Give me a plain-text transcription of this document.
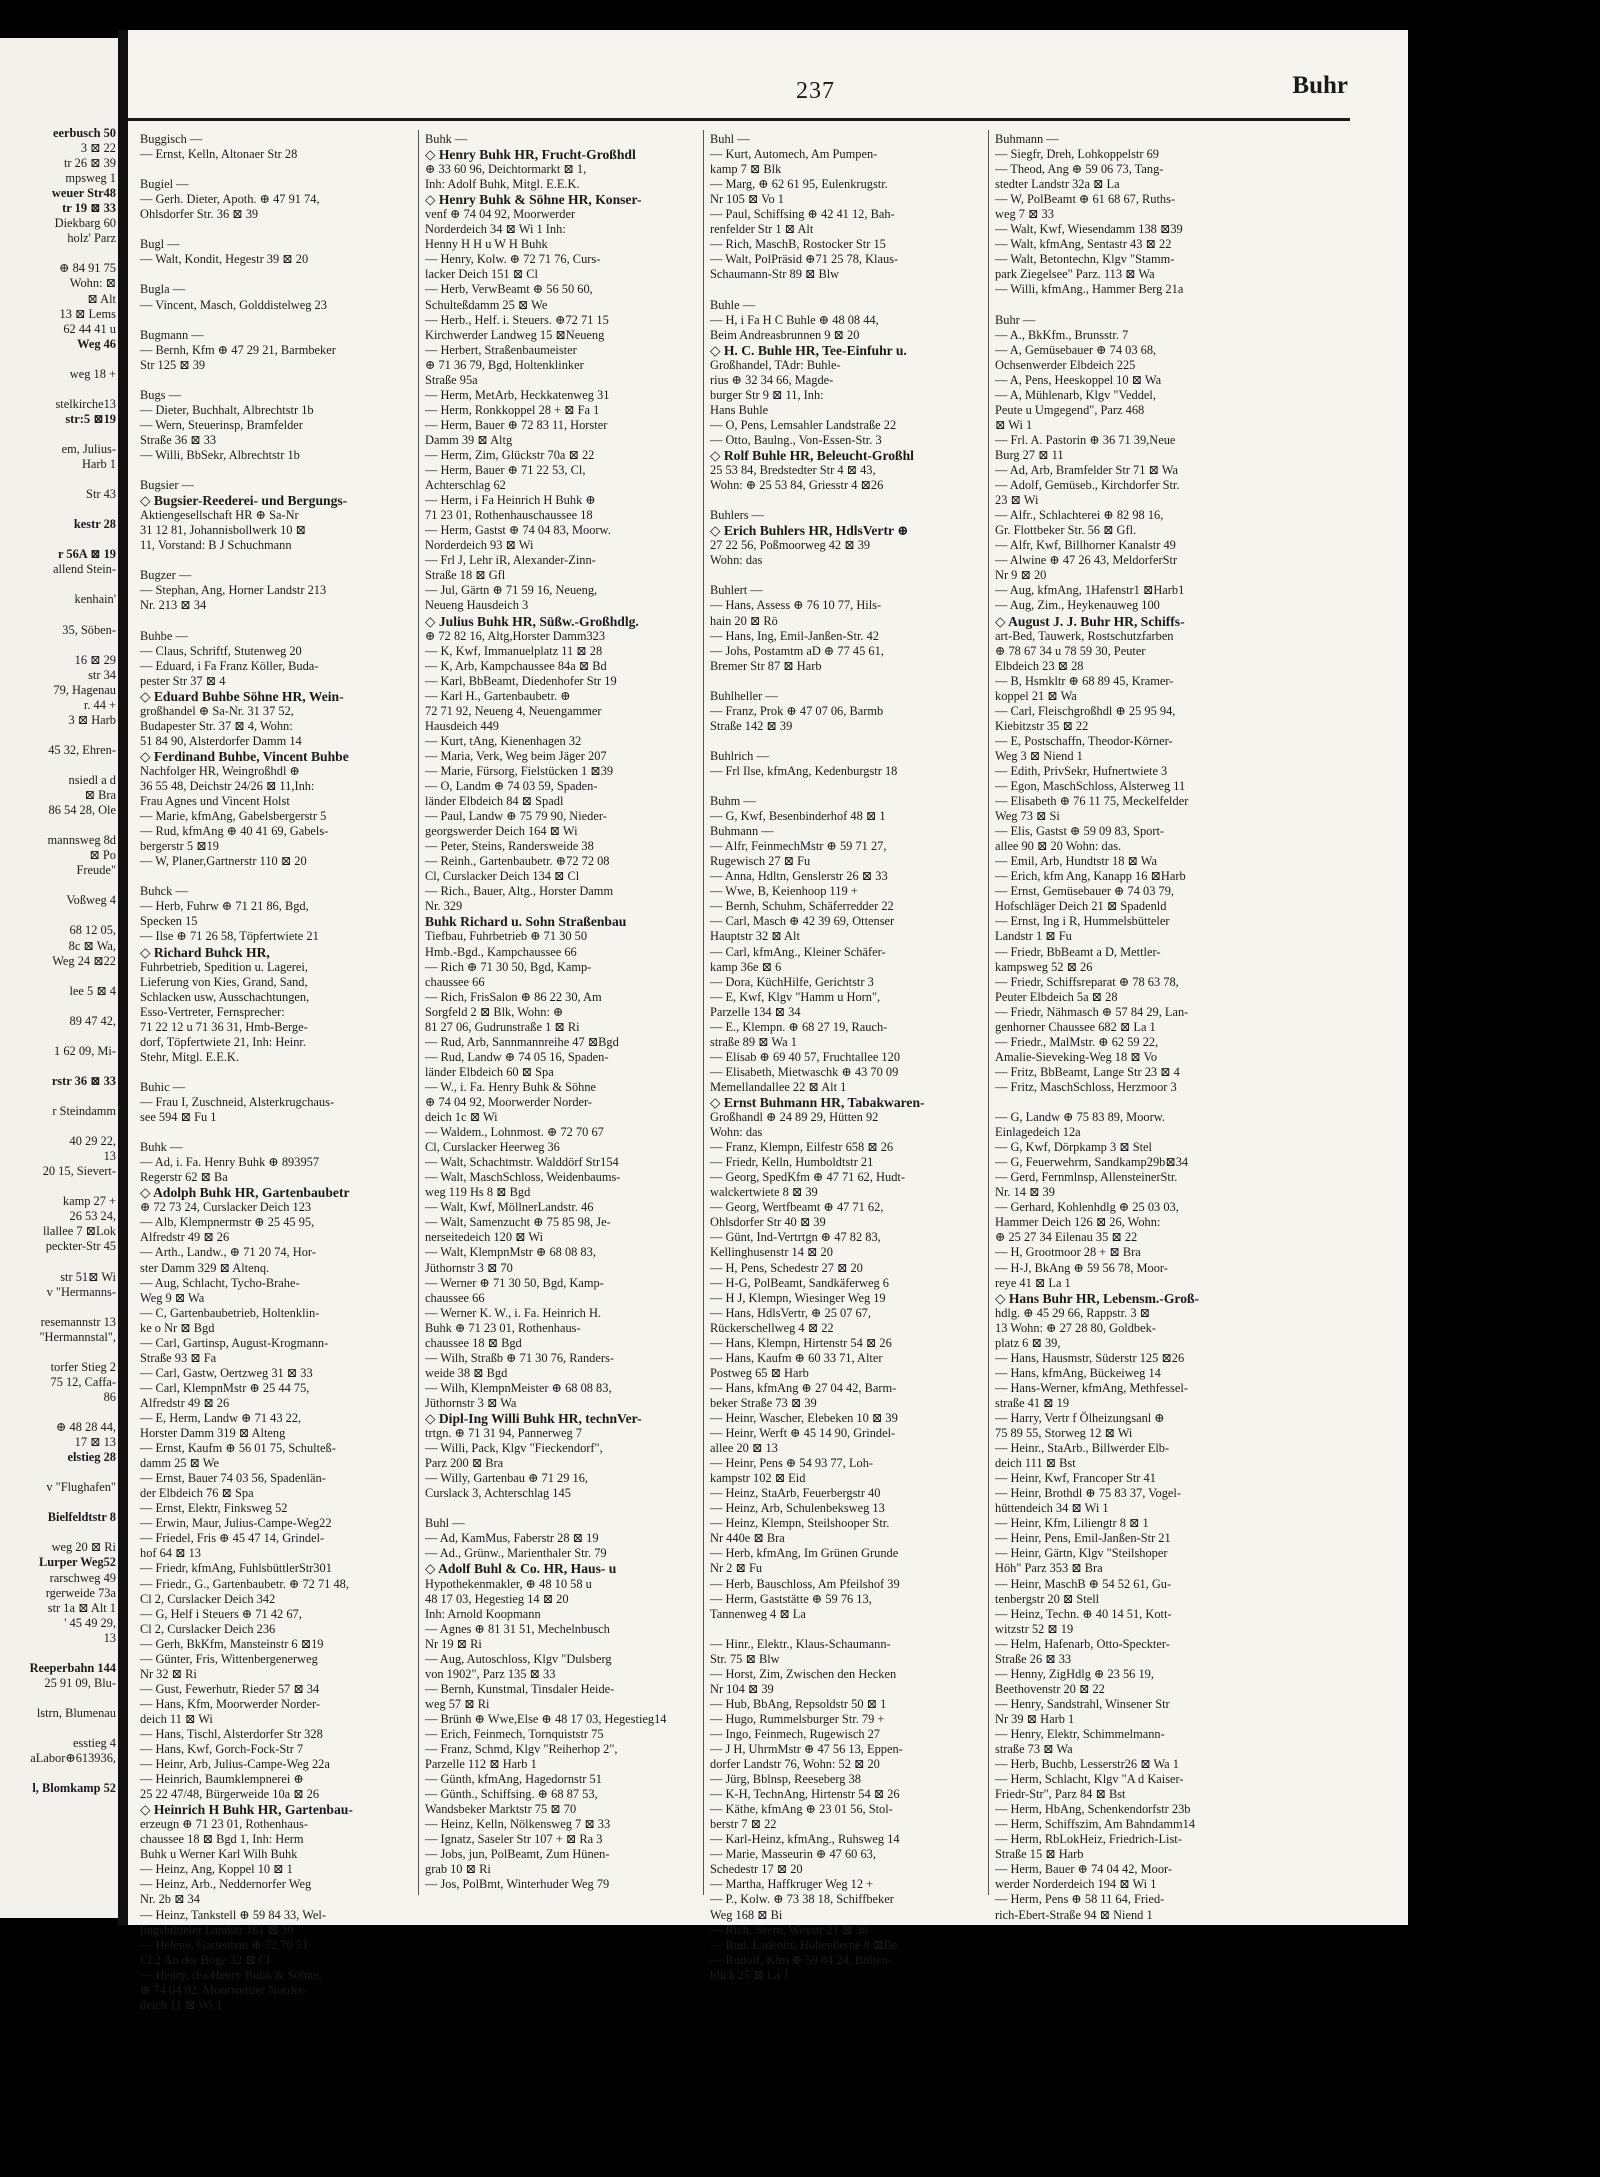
eerbusch 50
3 ⊠ 22
tr 26 ⊠ 39
mpsweg 1
weuer Str48
tr 19 ⊠ 33
Diekbarg 60
holz' Parz

⊕ 84 91 75
Wohn: ⊠
⊠ Alt
13 ⊠ Lems
62 44 41 u
Weg 46

weg 18 +

stelkirche13
str:5 ⊠19

em, Julius-
Harb 1

Str 43

kestr 28

r 56A ⊠ 19
allend Stein-

kenhain'

35, Söben-

16 ⊠ 29
str 34
79, Hagenau
r. 44 +
3 ⊠ Harb

45 32, Ehren-

nsiedl a d
⊠ Bra
86 54 28, Ole

mannsweg 8d
⊠ Po
Freude"

Voßweg 4

68 12 05,
8c ⊠ Wa,
Weg 24 ⊠22

lee 5 ⊠ 4

89 47 42,

1 62 09, Mi-

rstr 36 ⊠ 33

r Steindamm

40 29 22,
13
20 15, Sievert-

kamp 27 +
26 53 24,
llallee 7 ⊠Lok
peckter-Str 45

str 51⊠ Wi
v "Hermanns-

resemannstr 13
"Hermannstal",

torfer Stieg 2
75 12, Caffa-
86

⊕ 48 28 44,
17 ⊠ 13
elstieg 28

v "Flughafen"

Bielfeldtstr 8

weg 20 ⊠ Ri
Lurper Weg52
rarschweg 49
rgerweide 73a
str 1a ⊠ Alt 1
' 45 49 29,
13

Reeperbahn 144
25 91 09, Blu-

lstrn, Blumenau

esstieg 4
aLabor⊕613936,

l, Blomkamp 52
237	Buhr
Buggisch —
— Ernst, Kelln, Altonaer Str 28

Bugiel —
— Gerh. Dieter, Apoth. ⊕ 47 91 74,
Ohlsdorfer Str. 36 ⊠ 39

Bugl —
— Walt, Kondit, Hegestr 39 ⊠ 20

Bugla —
— Vincent, Masch, Golddistelweg 23

Bugmann —
— Bernh, Kfm ⊕ 47 29 21, Barmbeker
Str 125 ⊠ 39

Bugs —
— Dieter, Buchhalt, Albrechtstr 1b
— Wern, Steuerinsp, Bramfelder
Straße 36 ⊠ 33
— Willi, BbSekr, Albrechtstr 1b

Bugsier —
◇ Bugsier-Reederei- und Bergungs-
Aktiengesellschaft HR ⊕ Sa-Nr
31 12 81, Johannisbollwerk 10 ⊠
11, Vorstand: B J Schuchmann

Bugzer —
— Stephan, Ang, Horner Landstr 213
Nr. 213 ⊠ 34

Buhbe —
— Claus, Schriftf, Stutenweg 20
— Eduard, i Fa Franz Köller, Buda-
pester Str 37 ⊠ 4
◇ Eduard Buhbe Söhne HR, Wein-
großhandel ⊕ Sa-Nr. 31 37 52,
Budapester Str. 37 ⊠ 4, Wohn:
51 84 90, Alsterdorfer Damm 14
◇ Ferdinand Buhbe, Vincent Buhbe
Nachfolger HR, Weingroßhdl ⊕
36 55 48, Deichstr 24/26 ⊠ 11,Inh:
Frau Agnes und Vincent Holst
— Marie, kfmAng, Gabelsbergerstr 5
— Rud, kfmAng ⊕ 40 41 69, Gabels-
bergerstr 5 ⊠19
— W, Planer,Gartnerstr 110 ⊠ 20

Buhck —
— Herb, Fuhrw ⊕ 71 21 86, Bgd,
Specken 15
— Ilse ⊕ 71 26 58, Töpfertwiete 21
◇ Richard Buhck HR,
Fuhrbetrieb, Spedition u. Lagerei,
Lieferung von Kies, Grand, Sand,
Schlacken usw, Ausschachtungen,
Esso-Vertreter, Fernsprecher:
71 22 12 u 71 36 31, Hmb-Berge-
dorf, Töpfertwiete 21, Inh: Heinr.
Stehr, Mitgl. E.E.K.

Buhic —
— Frau I, Zuschneid, Alsterkrugchaus-
see 594 ⊠ Fu 1

Buhk —
— Ad, i. Fa. Henry Buhk ⊕ 893957
Regerstr 62 ⊠ Ba
◇ Adolph Buhk HR, Gartenbaubetr
⊕ 72 73 24, Curslacker Deich 123
— Alb, Klempnermstr ⊕ 25 45 95,
Alfredstr 49 ⊠ 26
— Arth., Landw., ⊕ 71 20 74, Hor-
ster Damm 329 ⊠ Altenq.
— Aug, Schlacht, Tycho-Brahe-
Weg 9 ⊠ Wa
— C, Gartenbaubetrieb, Holtenklin-
ke o Nr ⊠ Bgd
— Carl, Gartinsp, August-Krogmann-
Straße 93 ⊠ Fa
— Carl, Gastw, Oertzweg 31 ⊠ 33
— Carl, KlempnMstr ⊕ 25 44 75,
Alfredstr 49 ⊠ 26
— E, Herm, Landw ⊕ 71 43 22,
Horster Damm 319 ⊠ Alteng
— Ernst, Kaufm ⊕ 56 01 75, Schulteß-
damm 25 ⊠ We
— Ernst, Bauer 74 03 56, Spadenlän-
der Elbdeich 76 ⊠ Spa
— Ernst, Elektr, Finksweg 52
— Erwin, Maur, Julius-Campe-Weg22
— Friedel, Fris ⊕ 45 47 14, Grindel-
hof 64 ⊠ 13
— Friedr, kfmAng, FuhlsbüttlerStr301
— Friedr., G., Gartenbaubetr. ⊕ 72 71 48,
Cl 2, Curslacker Deich 342
— G, Helf i Steuers ⊕ 71 42 67,
Cl 2, Curslacker Deich 236
— Gerh, BkKfm, Mansteinstr 6 ⊠19
— Günter, Fris, Wittenbergenerweg
Nr 32 ⊠ Ri
— Gust, Fewerhutr, Rieder 57 ⊠ 34
— Hans, Kfm, Moorwerder Norder-
deich 11 ⊠ Wi
— Hans, Tischl, Alsterdorfer Str 328
— Hans, Kwf, Gorch-Fock-Str 7
— Heinr, Arb, Julius-Campe-Weg 22a
— Heinrich, Baumklempnerei ⊕
25 22 47/48, Bürgerweide 10a ⊠ 26
◇ Heinrich H Buhk HR, Gartenbau-
erzeugn ⊕ 71 23 01, Rothenhaus-
chaussee 18 ⊠ Bgd 1, Inh: Herm
Buhk u Werner Karl Wilh Buhk
— Heinz, Ang, Koppel 10 ⊠ 1
— Heinz, Arb., Neddernorfer Weg
Nr. 2b ⊠ 34
— Heinz, Tankstell ⊕ 59 84 33, Wel-
lingsbütteler Landstr 161 ⊠ 39
— Helene, Gartenbau ⊕ 72 70 51
Cl 2 An der Böge 32 ⊠ Cl
— Henry, iFa Henry Buhk & Söhne,
⊕ 74 04 92, Moorwerder Norder-
deich 11 ⊠ Wi 1
Buhk —
◇ Henry Buhk HR, Frucht-Großhdl
⊕ 33 60 96, Deichtormarkt ⊠ 1,
Inh: Adolf Buhk, Mitgl. E.E.K.
◇ Henry Buhk & Söhne HR, Konser-
venf ⊕ 74 04 92, Moorwerder
Norderdeich 34 ⊠ Wi 1 Inh:
Henny H H u W H Buhk
— Henry, Kolw. ⊕ 72 71 76, Curs-
lacker Deich 151 ⊠ Cl
— Herb, VerwBeamt ⊕ 56 50 60,
Schulteßdamm 25 ⊠ We
— Herb., Helf. i. Steuers. ⊕72 71 15
Kirchwerder Landweg 15 ⊠Neueng
— Herbert, Straßenbaumeister
⊕ 71 36 79, Bgd, Holtenklinker
Straße 95a
— Herm, MetArb, Heckkatenweg 31
— Herm, Ronkkoppel 28 + ⊠ Fa 1
— Herm, Bauer ⊕ 72 83 11, Horster
Damm 39 ⊠ Altg
— Herm, Zim, Glückstr 70a ⊠ 22
— Herm, Bauer ⊕ 71 22 53, Cl,
Achterschlag 62
— Herm, i Fa Heinrich H Buhk ⊕
71 23 01, Rothenhauschaussee 18
— Herm, Gastst ⊕ 74 04 83, Moorw.
Norderdeich 93 ⊠ Wi
— Frl J, Lehr iR, Alexander-Zinn-
Straße 18 ⊠ Gfl
— Jul, Gärtn ⊕ 71 59 16, Neueng,
Neueng Hausdeich 3
◇ Julius Buhk HR, Süßw.-Großhdlg.
⊕ 72 82 16, Altg,Horster Damm323
— K, Kwf, Immanuelplatz 11 ⊠ 28
— K, Arb, Kampchaussee 84a ⊠ Bd
— Karl, BbBeamt, Diedenhofer Str 19
— Karl H., Gartenbaubetr. ⊕
72 71 92, Neueng 4, Neuengammer
Hausdeich 449
— Kurt, tAng, Kienenhagen 32
— Maria, Verk, Weg beim Jäger 207
— Marie, Fürsorg, Fielstücken 1 ⊠39
— O, Landm ⊕ 74 03 59, Spaden-
länder Elbdeich 84 ⊠ Spadl
— Paul, Landw ⊕ 75 79 90, Nieder-
georgswerder Deich 164 ⊠ Wi
— Peter, Steins, Randersweide 38
— Reinh., Gartenbaubetr. ⊕72 72 08
Cl, Curslacker Deich 134 ⊠ Cl
— Rich., Bauer, Altg., Horster Damm
Nr. 329
Buhk Richard u. Sohn Straßenbau
Tiefbau, Fuhrbetrieb ⊕ 71 30 50
Hmb.-Bgd., Kampchaussee 66
— Rich ⊕ 71 30 50, Bgd, Kamp-
chaussee 66
— Rich, FrisSalon ⊕ 86 22 30, Am
Sorgfeld 2 ⊠ Blk, Wohn: ⊕
81 27 06, Gudrunstraße 1 ⊠ Ri
— Rud, Arb, Sannmannreihe 47 ⊠Bgd
— Rud, Landw ⊕ 74 05 16, Spaden-
länder Elbdeich 60 ⊠ Spa
— W., i. Fa. Henry Buhk & Söhne
⊕ 74 04 92, Moorwerder Norder-
deich 1c ⊠ Wi
— Waldem., Lohnmost. ⊕ 72 70 67
Cl, Curslacker Heerweg 36
— Walt, Schachtmstr. Walddörf Str154
— Walt, MaschSchloss, Weidenbaums-
weg 119 Hs 8 ⊠ Bgd
— Walt, Kwf, MöllnerLandstr. 46
— Walt, Samenzucht ⊕ 75 85 98, Je-
nerseitedeich 120 ⊠ Wi
— Walt, KlempnMstr ⊕ 68 08 83,
Jüthornstr 3 ⊠ 70
— Werner ⊕ 71 30 50, Bgd, Kamp-
chaussee 66
— Werner K. W., i. Fa. Heinrich H.
Buhk ⊕ 71 23 01, Rothenhaus-
chaussee 18 ⊠ Bgd
— Wilh, Straßb ⊕ 71 30 76, Randers-
weide 38 ⊠ Bgd
— Wilh, KlempnMeister ⊕ 68 08 83,
Jüthornstr 3 ⊠ Wa
◇ Dipl-Ing Willi Buhk HR, technVer-
trtgn. ⊕ 71 31 94, Pannerweg 7
— Willi, Pack, Klgv "Fieckendorf",
Parz 200 ⊠ Bra
— Willy, Gartenbau ⊕ 71 29 16,
Curslack 3, Achterschlag 145

Buhl —
— Ad, KamMus, Faberstr 28 ⊠ 19
— Ad., Grünw., Marienthaler Str. 79
◇ Adolf Buhl & Co. HR, Haus- u
Hypothekenmakler, ⊕ 48 10 58 u
48 17 03, Hegestieg 14 ⊠ 20
Inh: Arnold Koopmann
— Agnes ⊕ 81 31 51, Mechelnbusch
Nr 19 ⊠ Ri
— Aug, Autoschloss, Klgv "Dulsberg
von 1902", Parz 135 ⊠ 33
— Bernh, Kunstmal, Tinsdaler Heide-
weg 57 ⊠ Ri
— Brünh ⊕ Wwe,Else ⊕ 48 17 03, Hegestieg14
— Erich, Feinmech, Tornquiststr 75
— Franz, Schmd, Klgv "Reiherhop 2",
Parzelle 112 ⊠ Harb 1
— Günth, kfmAng, Hagedornstr 51
— Günth., Schiffsing. ⊕ 68 87 53,
Wandsbeker Marktstr 75 ⊠ 70
— Heinz, Kelln, Nölkensweg 7 ⊠ 33
— Ignatz, Saseler Str 107 + ⊠ Ra 3
— Jobs, jun, PolBeamt, Zum Hünen-
grab 10 ⊠ Ri
— Jos, PolBmt, Winterhuder Weg 79
Buhl —
— Kurt, Automech, Am Pumpen-
kamp 7 ⊠ Blk
— Marg, ⊕ 62 61 95, Eulenkrugstr.
Nr 105 ⊠ Vo 1
— Paul, Schiffsing ⊕ 42 41 12, Bah-
renfelder Str 1 ⊠ Alt
— Rich, MaschB, Rostocker Str 15
— Walt, PolPräsid ⊕71 25 78, Klaus-
Schaumann-Str 89 ⊠ Blw

Buhle —
— H, i Fa H C Buhle ⊕ 48 08 44,
Beim Andreasbrunnen 9 ⊠ 20
◇ H. C. Buhle HR, Tee-Einfuhr u.
Großhandel, TAdr: Buhle-
rius ⊕ 32 34 66, Magde-
burger Str 9 ⊠ 11, Inh:
Hans Buhle
— O, Pens, Lemsahler Landstraße 22
— Otto, Baulng., Von-Essen-Str. 3
◇ Rolf Buhle HR, Beleucht-Großhl
25 53 84, Bredstedter Str 4 ⊠ 43,
Wohn: ⊕ 25 53 84, Griesstr 4 ⊠26

Buhlers —
◇ Erich Buhlers HR, HdlsVertr ⊕
27 22 56, Poßmoorweg 42 ⊠ 39
Wohn: das

Buhlert —
— Hans, Assess ⊕ 76 10 77, Hils-
hain 20 ⊠ Rö
— Hans, Ing, Emil-Janßen-Str. 42
— Johs, Postamtm aD ⊕ 77 45 61,
Bremer Str 87 ⊠ Harb

Buhlheller —
— Franz, Prok ⊕ 47 07 06, Barmb
Straße 142 ⊠ 39

Buhlrich —
— Frl Ilse, kfmAng, Kedenburgstr 18

Buhm —
— G, Kwf, Besenbinderhof 48 ⊠ 1
Buhmann —
— Alfr, FeinmechMstr ⊕ 59 71 27,
Rugewisch 27 ⊠ Fu
— Anna, Hdltn, Genslerstr 26 ⊠ 33
— Wwe, B, Keienhoop 119 +
— Bernh, Schuhm, Schäferredder 22
— Carl, Masch ⊕ 42 39 69, Ottenser
Hauptstr 32 ⊠ Alt
— Carl, kfmAng., Kleiner Schäfer-
kamp 36e ⊠ 6
— Dora, KüchHilfe, Gerichtstr 3
— E, Kwf, Klgv "Hamm u Horn",
Parzelle 134 ⊠ 34
— E., Klempn. ⊕ 68 27 19, Rauch-
straße 89 ⊠ Wa 1
— Elisab ⊕ 69 40 57, Fruchtallee 120
— Elisabeth, Mietwaschk ⊕ 43 70 09
Memellandallee 22 ⊠ Alt 1
◇ Ernst Buhmann HR, Tabakwaren-
Großhandl ⊕ 24 89 29, Hütten 92
Wohn: das
— Franz, Klempn, Eilfestr 658 ⊠ 26
— Friedr, Kelln, Humboldtstr 21
— Georg, SpedKfm ⊕ 47 71 62, Hudt-
walckertwiete 8 ⊠ 39
— Georg, Wertfbeamt ⊕ 47 71 62,
Ohlsdorfer Str 40 ⊠ 39
— Günt, Ind-Vertrtgn ⊕ 47 82 83,
Kellinghusenstr 14 ⊠ 20
— H, Pens, Schedestr 27 ⊠ 20
— H-G, PolBeamt, Sandkäferweg 6
— H J, Klempn, Wiesinger Weg 19
— Hans, HdlsVertr, ⊕ 25 07 67,
Rückerschellweg 4 ⊠ 22
— Hans, Klempn, Hirtenstr 54 ⊠ 26
— Hans, Kaufm ⊕ 60 33 71, Alter
Postweg 65 ⊠ Harb
— Hans, kfmAng ⊕ 27 04 42, Barm-
beker Straße 73 ⊠ 39
— Heinr, Wascher, Elebeken 10 ⊠ 39
— Heinr, Werft ⊕ 45 14 90, Grindel-
allee 20 ⊠ 13
— Heinr, Pens ⊕ 54 93 77, Loh-
kampstr 102 ⊠ Eid
— Heinz, StaArb, Feuerbergstr 40
— Heinz, Arb, Schulenbeksweg 13
— Heinz, Klempn, Steilshooper Str.
Nr 440e ⊠ Bra
— Herb, kfmAng, Im Grünen Grunde
Nr 2 ⊠ Fu
— Herb, Bauschloss, Am Pfeilshof 39
— Herm, Gaststätte ⊕ 59 76 13,
Tannenweg 4 ⊠ La

— Hinr., Elektr., Klaus-Schaumann-
Str. 75 ⊠ Blw
— Horst, Zim, Zwischen den Hecken
Nr 104 ⊠ 39
— Hub, BbAng, Repsoldstr 50 ⊠ 1
— Hugo, Rummelsburger Str. 79 +
— Ingo, Feinmech, Rugewisch 27
— J H, UhrmMstr ⊕ 47 56 13, Eppen-
dorfer Landstr 76, Wohn: 52 ⊠ 20
— Jürg, Bblnsp, Reeseberg 38
— K-H, TechnAng, Hirtenstr 54 ⊠ 26
— Käthe, kfmAng ⊕ 23 01 56, Stol-
berstr 7 ⊠ 22
— Karl-Heinz, kfmAng., Ruhsweg 14
— Marie, Masseurin ⊕ 47 60 63,
Schedestr 17 ⊠ 20
— Martha, Haffkruger Weg 12 +
— P., Kolw. ⊕ 73 38 18, Schiffbeker
Weg 168 ⊠ Bi
— Rich, Seem, Wexstr 21 ⊠ 36
— Rud, Ladenltr, Hohenberne 8 ⊠Be
— Rudolf, Kfm ⊕ 59 84 24, Bülten-
blick 25 ⊠ La 1
Buhmann —
— Siegfr, Dreh, Lohkoppelstr 69
— Theod, Ang ⊕ 59 06 73, Tang-
stedter Landstr 32a ⊠ La
— W, PolBeamt ⊕ 61 68 67, Ruths-
weg 7 ⊠ 33
— Walt, Kwf, Wiesendamm 138 ⊠39
— Walt, kfmAng, Sentastr 43 ⊠ 22
— Walt, Betontechn, Klgv "Stamm-
park Ziegelsee" Parz. 113 ⊠ Wa
— Willi, kfmAng., Hammer Berg 21a

Buhr —
— A., BkKfm., Brunsstr. 7
— A, Gemüsebauer ⊕ 74 03 68,
Ochsenwerder Elbdeich 225
— A, Pens, Heeskoppel 10 ⊠ Wa
— A, Mühlenarb, Klgv "Veddel,
Peute u Umgegend", Parz 468
⊠ Wi 1
— Frl. A. Pastorin ⊕ 36 71 39,Neue
Burg 27 ⊠ 11
— Ad, Arb, Bramfelder Str 71 ⊠ Wa
— Adolf, Gemüseb., Kirchdorfer Str.
23 ⊠ Wi
— Alfr., Schlachterei ⊕ 82 98 16,
Gr. Flottbeker Str. 56 ⊠ Gfl.
— Alfr, Kwf, Billhorner Kanalstr 49
— Alwine ⊕ 47 26 43, MeldorferStr
Nr 9 ⊠ 20
— Aug, kfmAng, 1Hafenstr1 ⊠Harb1
— Aug, Zim., Heykenauweg 100
◇ August J. J. Buhr HR, Schiffs-
art-Bed, Tauwerk, Rostschutzfarben
⊕ 78 67 34 u 78 59 30, Peuter
Elbdeich 23 ⊠ 28
— B, Hsmkltr ⊕ 68 89 45, Kramer-
koppel 21 ⊠ Wa
— Carl, Fleischgroßhdl ⊕ 25 95 94,
Kiebitzstr 35 ⊠ 22
— E, Postschaffn, Theodor-Körner-
Weg 3 ⊠ Niend 1
— Edith, PrivSekr, Hufnertwiete 3
— Egon, MaschSchloss, Alsterweg 11
— Elisabeth ⊕ 76 11 75, Meckelfelder
Weg 73 ⊠ Si
— Elis, Gastst ⊕ 59 09 83, Sport-
allee 90 ⊠ 20 Wohn: das.
— Emil, Arb, Hundtstr 18 ⊠ Wa
— Erich, kfm Ang, Kanapp 16 ⊠Harb
— Ernst, Gemüsebauer ⊕ 74 03 79,
Hofschläger Deich 21 ⊠ Spadenld
— Ernst, Ing i R, Hummelsbütteler
Landstr 1 ⊠ Fu
— Friedr, BbBeamt a D, Mettler-
kampsweg 52 ⊠ 26
— Friedr, Schiffsreparat ⊕ 78 63 78,
Peuter Elbdeich 5a ⊠ 28
— Friedr, Nähmasch ⊕ 57 84 29, Lan-
genhorner Chaussee 682 ⊠ La 1
— Friedr., MalMstr. ⊕ 62 59 22,
Amalie-Sieveking-Weg 18 ⊠ Vo
— Fritz, BbBeamt, Lange Str 23 ⊠ 4
— Fritz, MaschSchloss, Herzmoor 3

— G, Landw ⊕ 75 83 89, Moorw.
Einlagedeich 12a
— G, Kwf, Dörpkamp 3 ⊠ Stel
— G, Feuerwehrm, Sandkamp29b⊠34
— Gerd, Fernmlnsp, AllensteinerStr.
Nr. 14 ⊠ 39
— Gerhard, Kohlenhdlg ⊕ 25 03 03,
Hammer Deich 126 ⊠ 26, Wohn:
⊕ 25 27 34 Eilenau 35 ⊠ 22
— H, Grootmoor 28 + ⊠ Bra
— H-J, BkAng ⊕ 59 56 78, Moor-
reye 41 ⊠ La 1
◇ Hans Buhr HR, Lebensm.-Groß-
hdlg. ⊕ 45 29 66, Rappstr. 3 ⊠
13 Wohn: ⊕ 27 28 80, Goldbek-
platz 6 ⊠ 39,
— Hans, Hausmstr, Süderstr 125 ⊠26
— Hans, kfmAng, Bückeiweg 14
— Hans-Werner, kfmAng, Methfessel-
straße 41 ⊠ 19
— Harry, Vertr f Ölheizungsanl ⊕
75 89 55, Storweg 12 ⊠ Wi
— Heinr., StaArb., Billwerder Elb-
deich 111 ⊠ Bst
— Heinr, Kwf, Francoper Str 41
— Heinr, Brothdl ⊕ 75 83 37, Vogel-
hüttendeich 34 ⊠ Wi 1
— Heinr, Kfm, Liliengtr 8 ⊠ 1
— Heinr, Pens, Emil-Janßen-Str 21
— Heinr, Gärtn, Klgv "Steilshoper
Höh" Parz 353 ⊠ Bra
— Heinr, MaschB ⊕ 54 52 61, Gu-
tenbergstr 20 ⊠ Stell
— Heinz, Techn. ⊕ 40 14 51, Kott-
witzstr 52 ⊠ 19
— Helm, Hafenarb, Otto-Speckter-
Straße 26 ⊠ 33
— Henny, ZigHdlg ⊕ 23 56 19,
Beethovenstr 20 ⊠ 22
— Henry, Sandstrahl, Winsener Str
Nr 39 ⊠ Harb 1
— Henry, Elektr, Schimmelmann-
straße 73 ⊠ Wa
— Herb, Buchb, Lesserstr26 ⊠ Wa 1
— Herm, Schlacht, Klgv "A d Kaiser-
Friedr-Str", Parz 84 ⊠ Bst
— Herm, HbAng, Schenkendorfstr 23b
— Herm, Schiffszim, Am Bahndamm14
— Herm, RbLokHeiz, Friedrich-List-
Straße 15 ⊠ Harb
— Herm, Bauer ⊕ 74 04 42, Moor-
werder Norderdeich 194 ⊠ Wi 1
— Herm, Pens ⊕ 58 11 64, Fried-
rich-Ebert-Straße 94 ⊠ Niend 1
